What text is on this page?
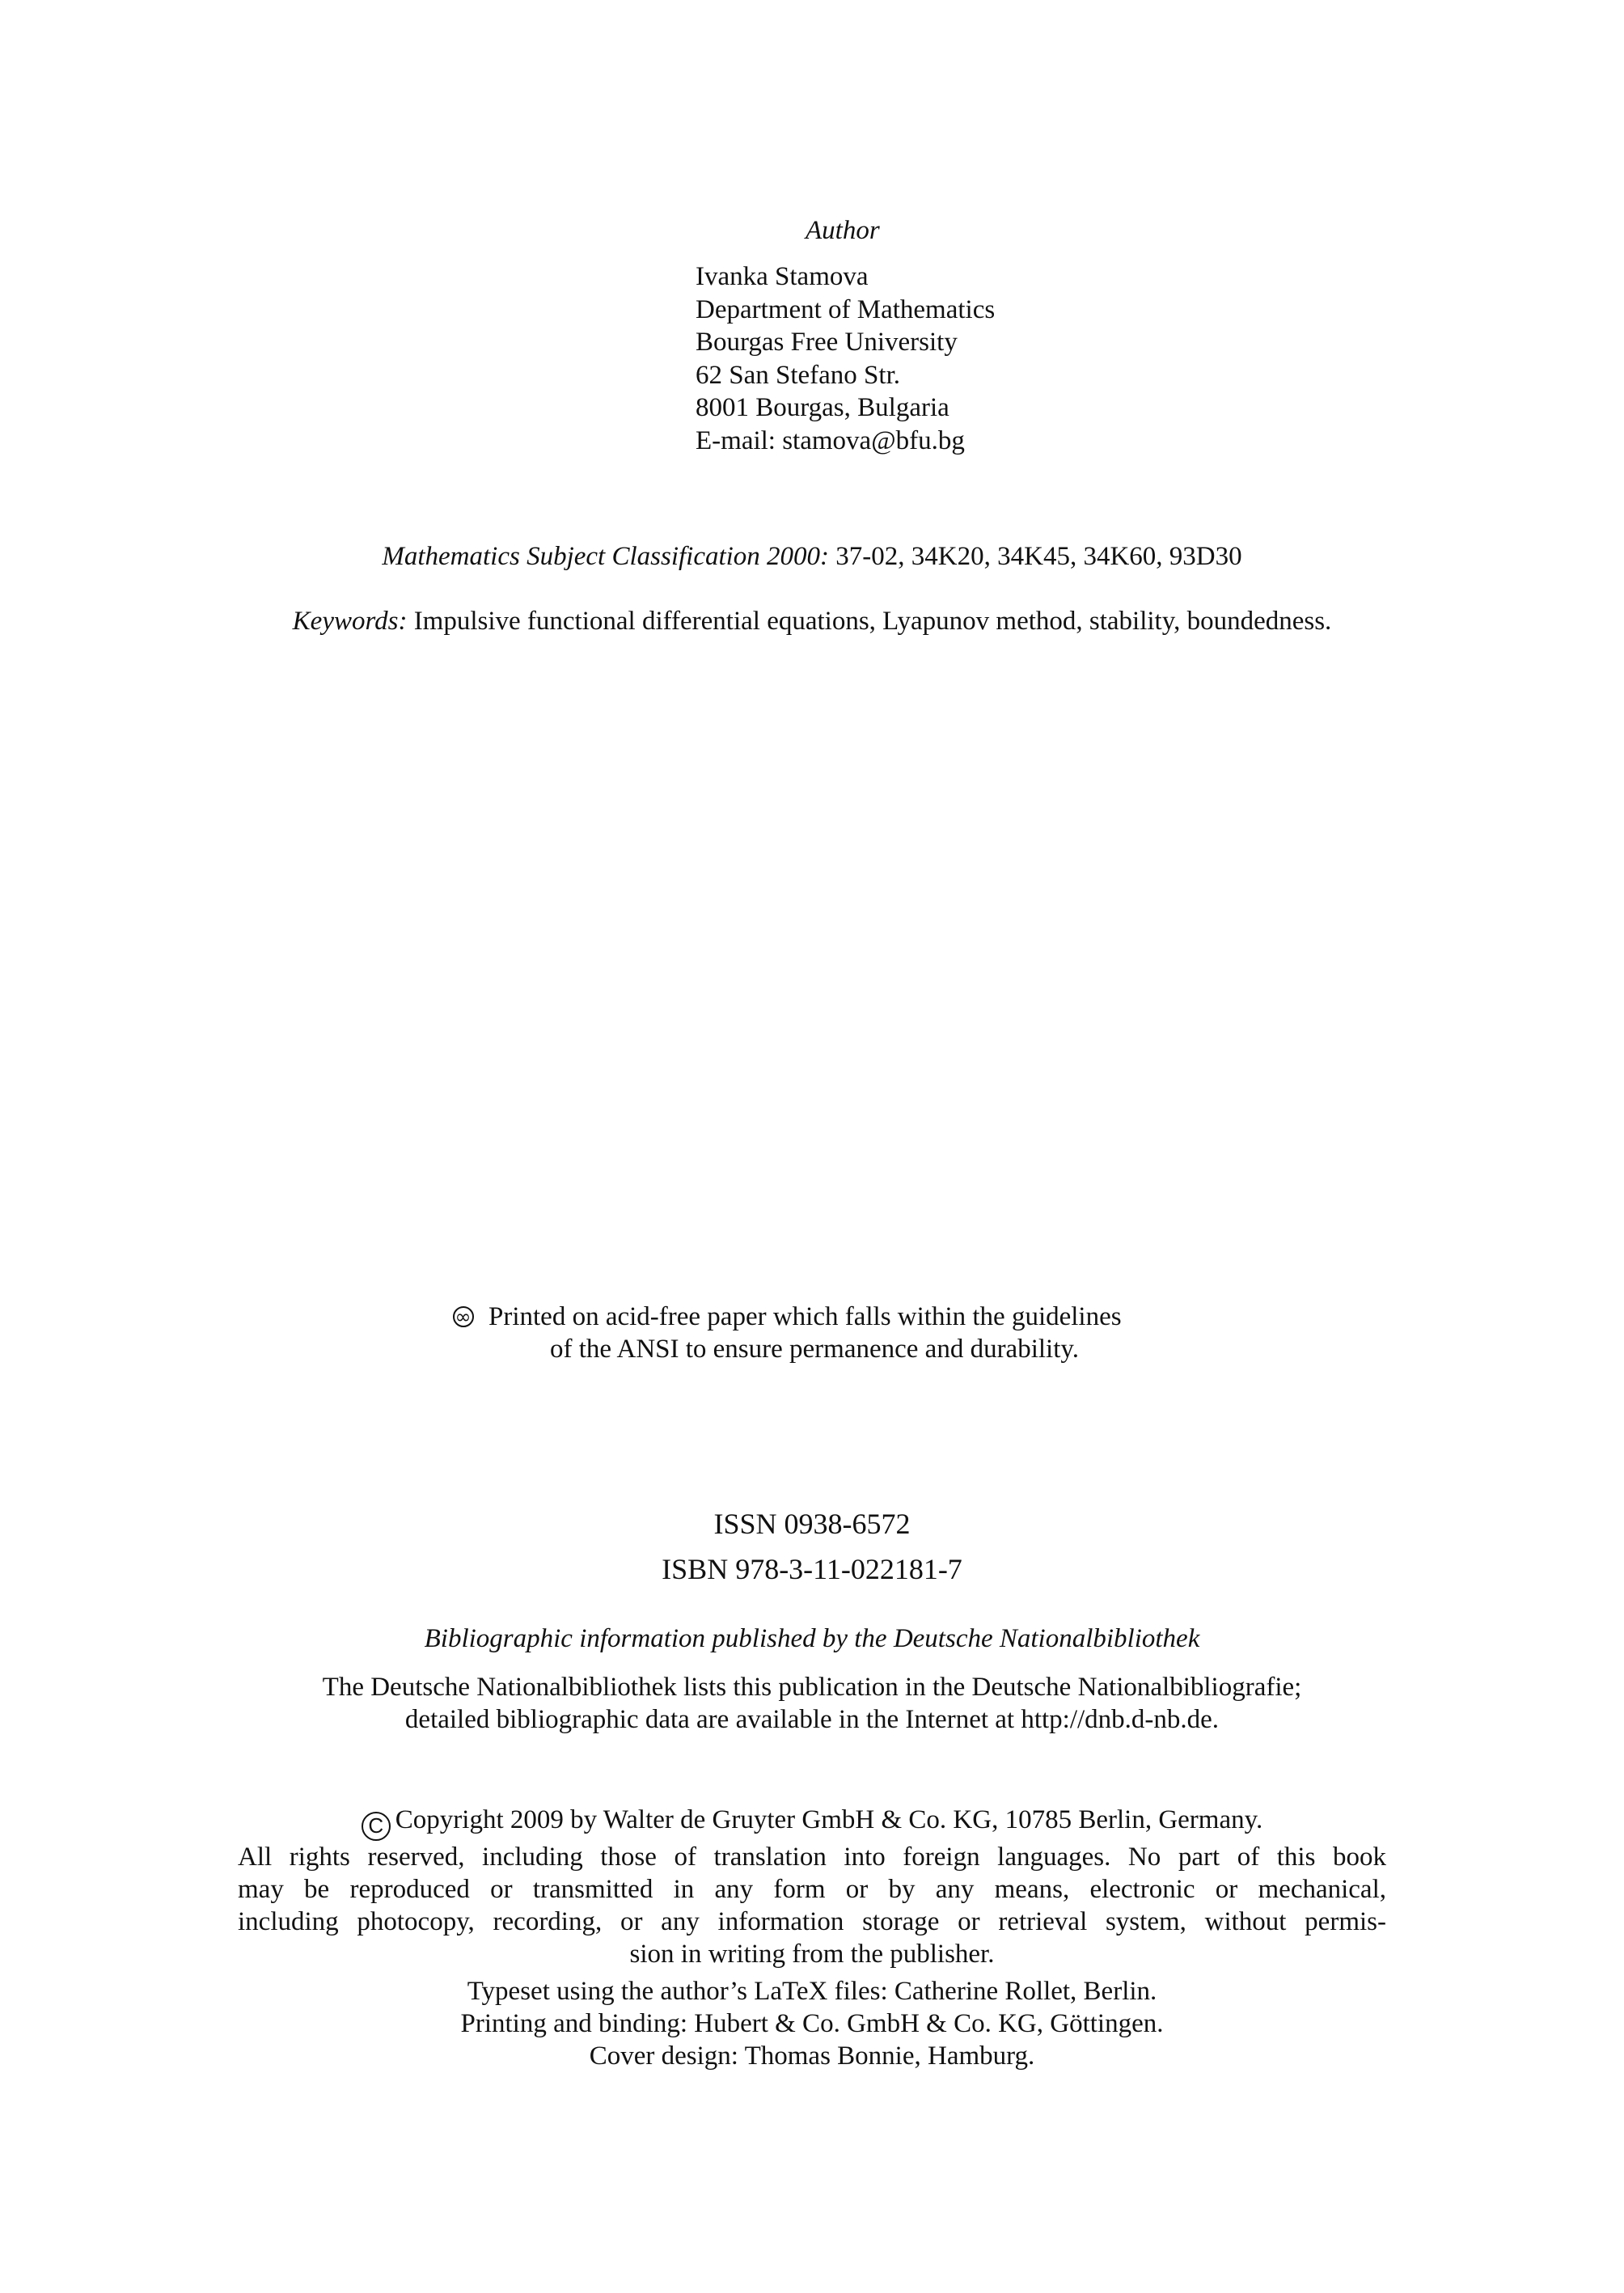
Author
Ivanka Stamova
Department of Mathematics
Bourgas Free University
62 San Stefano Str.
8001 Bourgas, Bulgaria
E-mail: stamova@bfu.bg
Mathematics Subject Classification 2000: 37-02, 34K20, 34K45, 34K60, 93D30
Keywords: Impulsive functional differential equations, Lyapunov method, stability, boundedness.
∞Printed on acid-free paper which falls within the guidelines
of the ANSI to ensure permanence and durability.
ISSN 0938-6572
ISBN 978-3-11-022181-7
Bibliographic information published by the Deutsche Nationalbibliothek
The Deutsche Nationalbibliothek lists this publication in the Deutsche Nationalbibliografie;
detailed bibliographic data are available in the Internet at http://dnb.d-nb.de.
C Copyright 2009 by Walter de Gruyter GmbH & Co. KG, 10785 Berlin, Germany.
All rights reserved, including those of translation into foreign languages. No part of this book
may be reproduced or transmitted in any form or by any means, electronic or mechanical,
including photocopy, recording, or any information storage or retrieval system, without permis-
sion in writing from the publisher.
Typeset using the author’s LaTeX files: Catherine Rollet, Berlin.
Printing and binding: Hubert & Co. GmbH & Co. KG, Göttingen.
Cover design: Thomas Bonnie, Hamburg.
